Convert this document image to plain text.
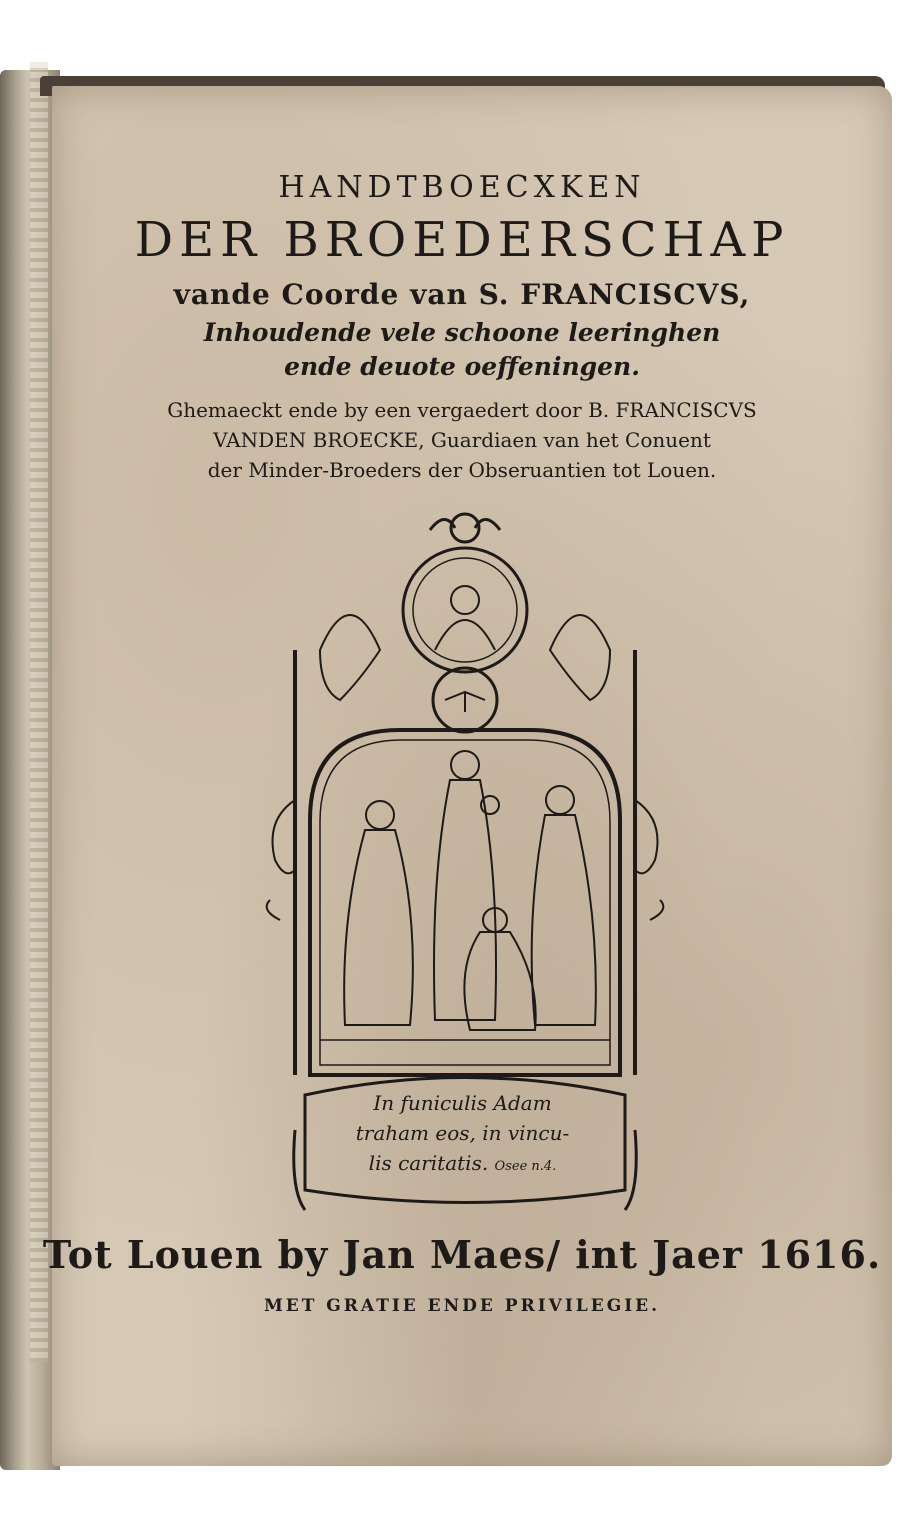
HANDTBOECXKEN
DER BROEDERSCHAP
vande Coorde van S. FRANCISCVS,
Inhoudende vele schoone leeringhen
ende deuote oeffeningen.
Ghemaeckt ende by een vergaedert door B. FRANCISCVS
VANDEN BROECKE, Guardiaen van het Conuent
der Minder-Broeders der Obseruantien tot Louen.
In funiculis Adam
traham eos, in vincu-
lis caritatis. Osee n.4.
Tot Louen by Jan Maes/ int Jaer 1616.
MET GRATIE ENDE PRIVILEGIE.
